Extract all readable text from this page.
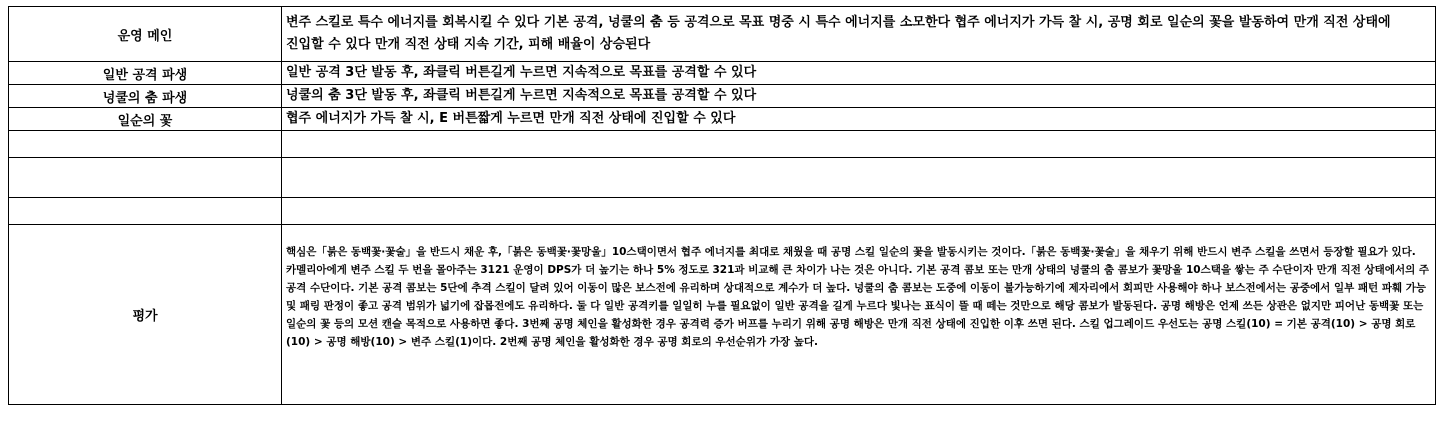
운영 메인	변주 스킬로 특수 에너지를 회복시킬 수 있다 기본 공격, 넝쿨의 춤 등 공격으로 목표 명중 시 특수 에너지를 소모한다 협주 에너지가 가득 찰 시, 공명 회로 일순의 꽃을 발동하여 만개 직전 상태에 진입할 수 있다 만개 직전 상태 지속 기간, 피해 배율이 상승된다
일반 공격 파생	일반 공격 3단 발동 후, 좌클릭 버튼길게 누르면 지속적으로 목표를 공격할 수 있다
넝쿨의 춤 파생	넝쿨의 춤 3단 발동 후, 좌클릭 버튼길게 누르면 지속적으로 목표를 공격할 수 있다
일순의 꽃	협주 에너지가 가득 찰 시, E 버튼짧게 누르면 만개 직전 상태에 진입할 수 있다

평가	핵심은「붉은 동백꽃·꽃술」을 반드시 채운 후,「붉은 동백꽃·꽃망울」10스택이면서 협주 에너지를 최대로 채웠을 때 공명 스킬 일순의 꽃을 발동시키는 것이다.「붉은 동백꽃·꽃술」을 채우기 위해 반드시 변주 스킬을 쓰면서 등장할 필요가 있다. 카멜리아에게 변주 스킬 두 번을 몰아주는 3121 운영이 DPS가 더 높기는 하나 5% 정도로 321과 비교해 큰 차이가 나는 것은 아니다. 기본 공격 콤보 또는 만개 상태의 넝쿨의 춤 콤보가 꽃망울 10스택을 쌓는 주 수단이자 만개 직전 상태에서의 주 공격 수단이다. 기본 공격 콤보는 5단에 추격 스킬이 달려 있어 이동이 많은 보스전에 유리하며 상대적으로 계수가 더 높다. 넝쿨의 춤 콤보는 도중에 이동이 불가능하기에 제자리에서 회피만 사용해야 하나 보스전에서는 공중에서 일부 패턴 파훼 가능 및 패링 판정이 좋고 공격 범위가 넓기에 잡몹전에도 유리하다. 둘 다 일반 공격키를 일일히 누를 필요없이 일반 공격을 길게 누르다 빛나는 표식이 뜰 때 떼는 것만으로 해당 콤보가 발동된다. 공명 해방은 언제 쓰든 상관은 없지만 피어난 동백꽃 또는 일순의 꽃 등의 모션 캔슬 목적으로 사용하면 좋다. 3번째 공명 체인을 활성화한 경우 공격력 증가 버프를 누리기 위해 공명 해방은 만개 직전 상태에 진입한 이후 쓰면 된다. 스킬 업그레이드 우선도는 공명 스킬(10) = 기본 공격(10) > 공명 회로(10) > 공명 해방(10) > 변주 스킬(1)이다. 2번째 공명 체인을 활성화한 경우 공명 회로의 우선순위가 가장 높다.
